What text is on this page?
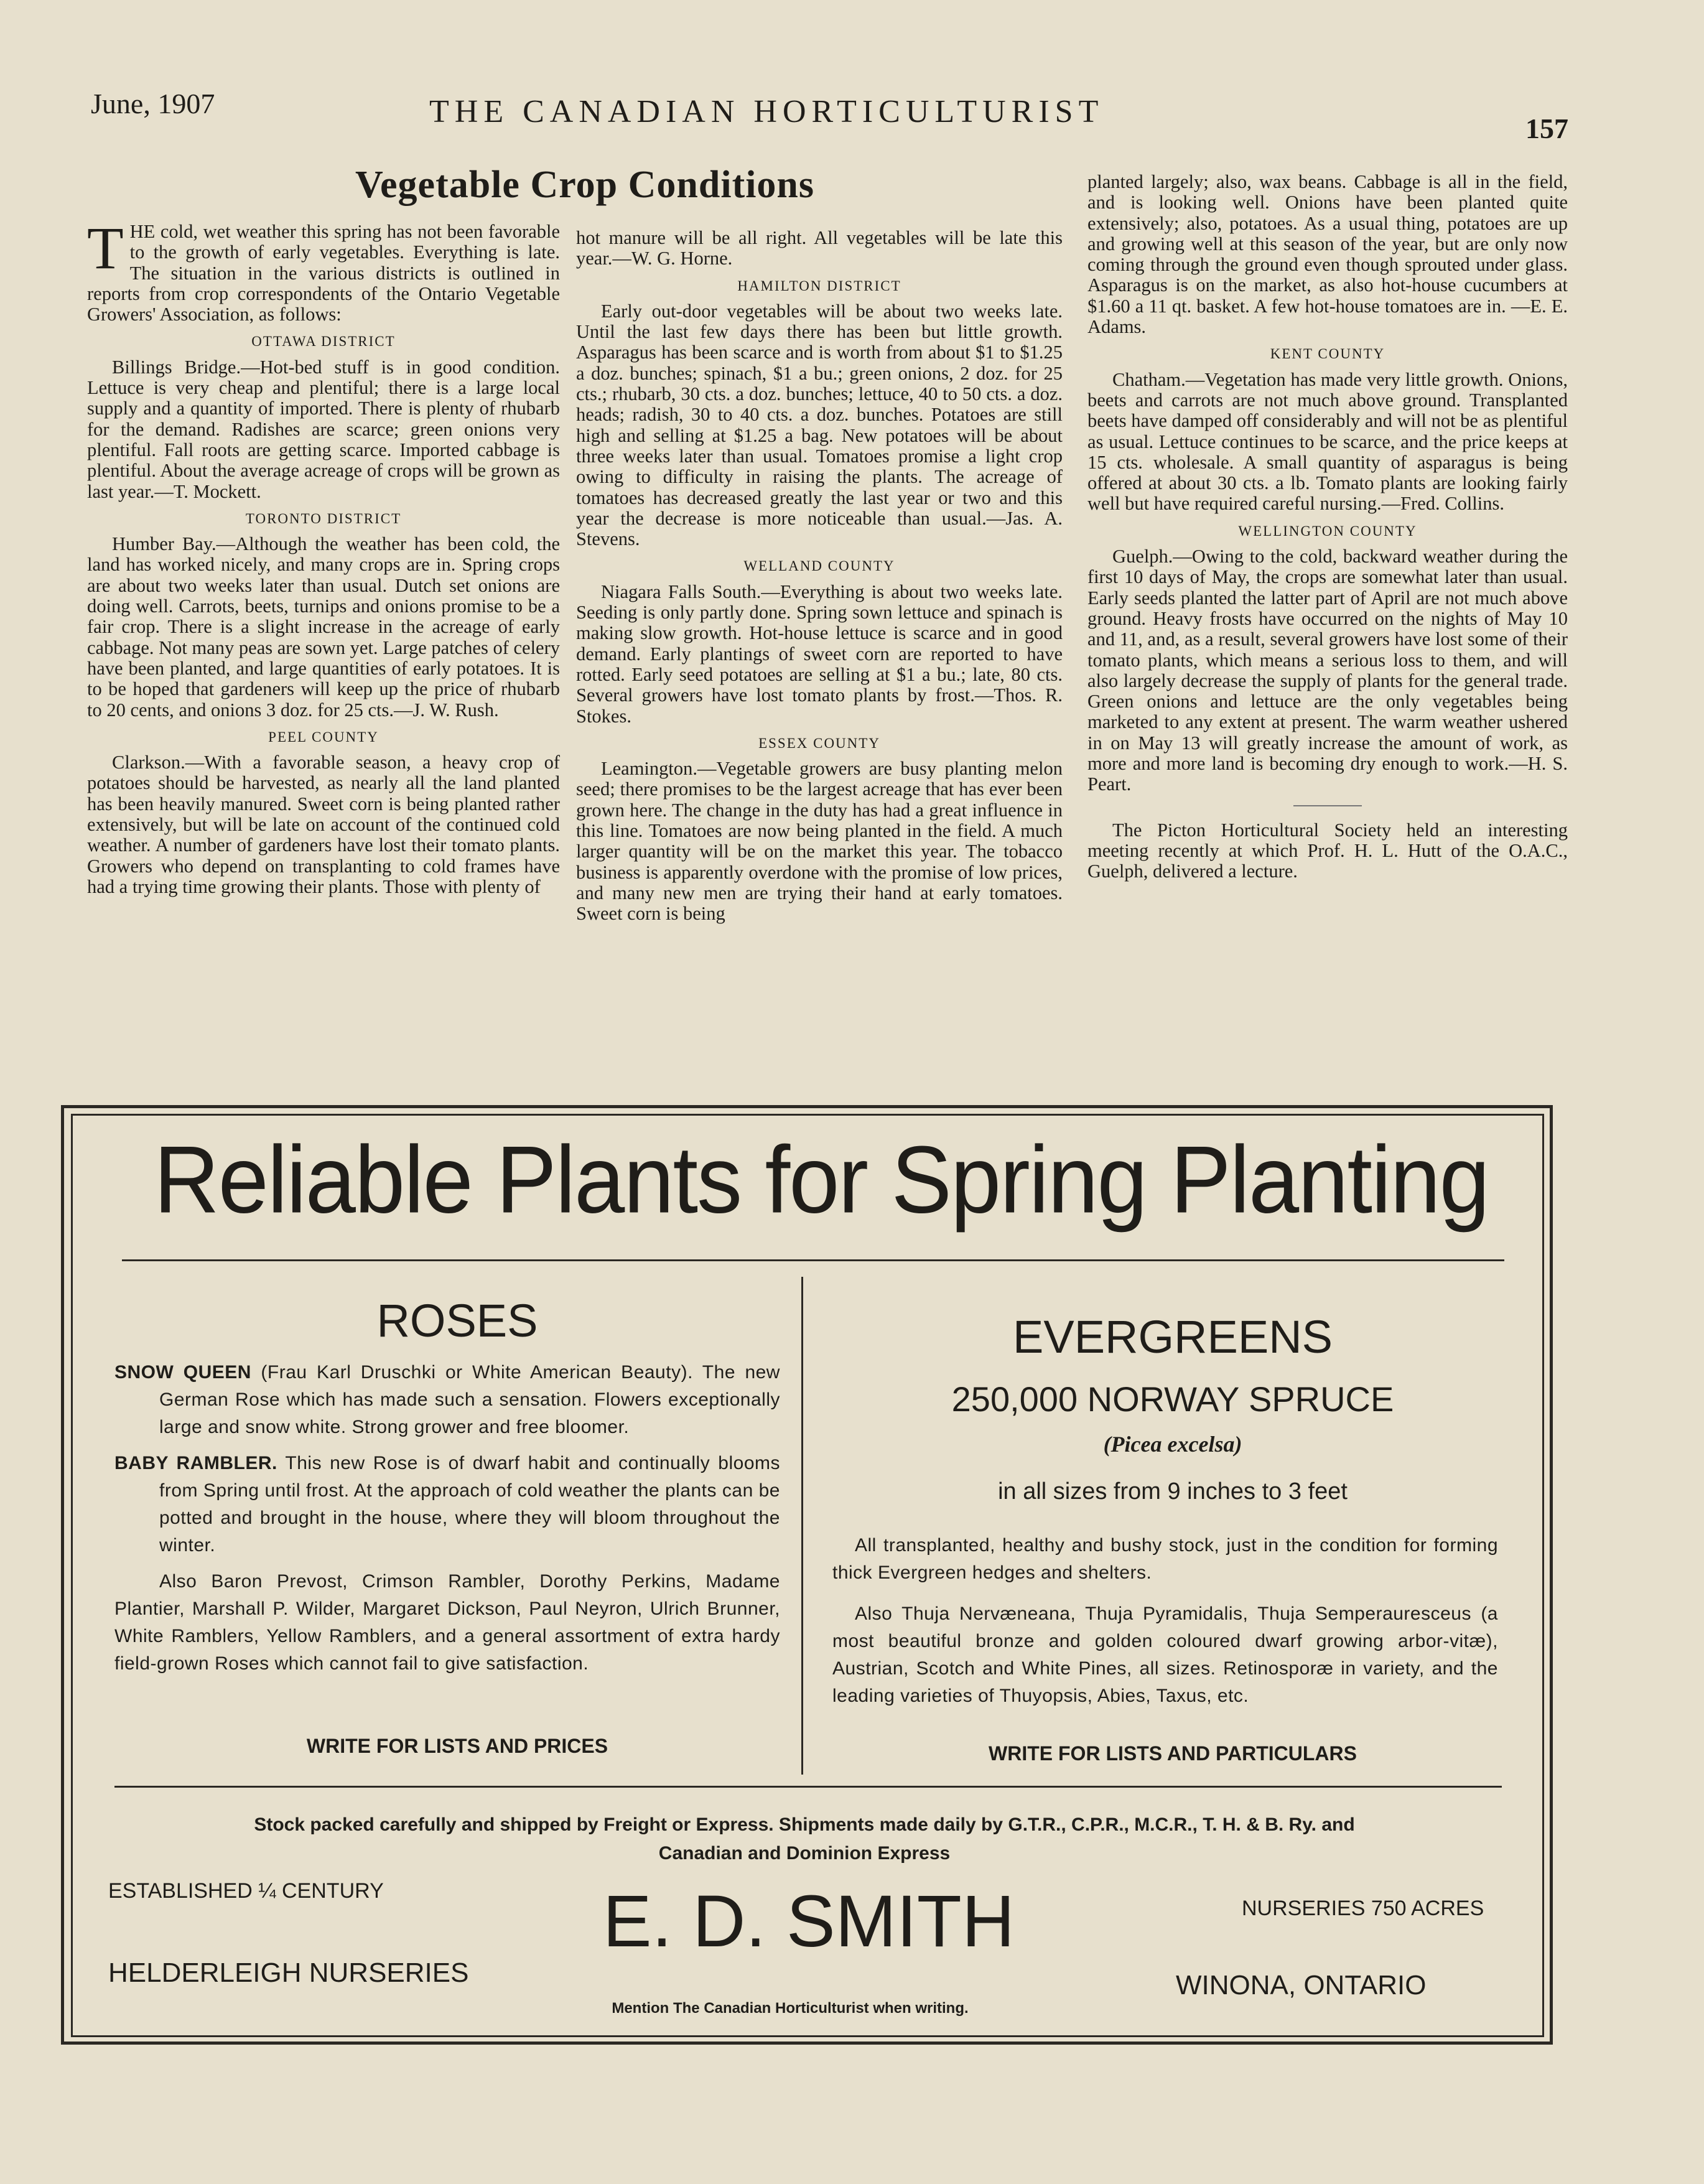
June, 1907	THE CANADIAN HORTICULTURIST	157
Vegetable Crop Conditions

THE cold, wet weather this spring has not been favorable to the growth of early vegetables. Everything is late. The situation in the various districts is outlined in reports from crop correspondents of the Ontario Vegetable Growers' Association, as follows:

OTTAWA DISTRICT

Billings Bridge.—Hot-bed stuff is in good condition. Lettuce is very cheap and plentiful; there is a large local supply and a quantity of imported. There is plenty of rhubarb for the demand. Radishes are scarce; green onions very plentiful. Fall roots are getting scarce. Imported cabbage is plentiful. About the average acreage of crops will be grown as last year.—T. Mockett.

TORONTO DISTRICT

Humber Bay.—Although the weather has been cold, the land has worked nicely, and many crops are in. Spring crops are about two weeks later than usual. Dutch set onions are doing well. Carrots, beets, turnips and onions promise to be a fair crop. There is a slight increase in the acreage of early cabbage. Not many peas are sown yet. Large patches of celery have been planted, and large quantities of early potatoes. It is to be hoped that gardeners will keep up the price of rhubarb to 20 cents, and onions 3 doz. for 25 cts.—J. W. Rush.

PEEL COUNTY

Clarkson.—With a favorable season, a heavy crop of potatoes should be harvested, as nearly all the land planted has been heavily manured. Sweet corn is being planted rather extensively, but will be late on account of the continued cold weather. A number of gardeners have lost their tomato plants. Growers who depend on transplanting to cold frames have had a trying time growing their plants. Those with plenty of

hot manure will be all right. All vegetables will be late this year.—W. G. Horne.

HAMILTON DISTRICT

Early out-door vegetables will be about two weeks late. Until the last few days there has been but little growth. Asparagus has been scarce and is worth from about $1 to $1.25 a doz. bunches; spinach, $1 a bu.; green onions, 2 doz. for 25 cts.; rhubarb, 30 cts. a doz. bunches; lettuce, 40 to 50 cts. a doz. heads; radish, 30 to 40 cts. a doz. bunches. Potatoes are still high and selling at $1.25 a bag. New potatoes will be about three weeks later than usual. Tomatoes promise a light crop owing to difficulty in raising the plants. The acreage of tomatoes has decreased greatly the last year or two and this year the decrease is more noticeable than usual.—Jas. A. Stevens.

WELLAND COUNTY

Niagara Falls South.—Everything is about two weeks late. Seeding is only partly done. Spring sown lettuce and spinach is making slow growth. Hot-house lettuce is scarce and in good demand. Early plantings of sweet corn are reported to have rotted. Early seed potatoes are selling at $1 a bu.; late, 80 cts. Several growers have lost tomato plants by frost.—Thos. R. Stokes.

ESSEX COUNTY

Leamington.—Vegetable growers are busy planting melon seed; there promises to be the largest acreage that has ever been grown here. The change in the duty has had a great influence in this line. Tomatoes are now being planted in the field. A much larger quantity will be on the market this year. The tobacco business is apparently overdone with the promise of low prices, and many new men are trying their hand at early tomatoes. Sweet corn is being

planted largely; also, wax beans. Cabbage is all in the field, and is looking well. Onions have been planted quite extensively; also, potatoes. As a usual thing, potatoes are up and growing well at this season of the year, but are only now coming through the ground even though sprouted under glass. Asparagus is on the market, as also hot-house cucumbers at $1.60 a 11 qt. basket. A few hot-house tomatoes are in. —E. E. Adams.

KENT COUNTY

Chatham.—Vegetation has made very little growth. Onions, beets and carrots are not much above ground. Transplanted beets have damped off considerably and will not be as plentiful as usual. Lettuce continues to be scarce, and the price keeps at 15 cts. wholesale. A small quantity of asparagus is being offered at about 30 cts. a lb. Tomato plants are looking fairly well but have required careful nursing.—Fred. Collins.

WELLINGTON COUNTY

Guelph.—Owing to the cold, backward weather during the first 10 days of May, the crops are somewhat later than usual. Early seeds planted the latter part of April are not much above ground. Heavy frosts have occurred on the nights of May 10 and 11, and, as a result, several growers have lost some of their tomato plants, which means a serious loss to them, and will also largely decrease the supply of plants for the general trade. Green onions and lettuce are the only vegetables being marketed to any extent at present. The warm weather ushered in on May 13 will greatly increase the amount of work, as more and more land is becoming dry enough to work.—H. S. Peart.

The Picton Horticultural Society held an interesting meeting recently at which Prof. H. L. Hutt of the O.A.C., Guelph, delivered a lecture.

Reliable Plants for Spring Planting
ROSES

SNOW QUEEN (Frau Karl Druschki or White American Beauty). The new German Rose which has made such a sensation. Flowers exceptionally large and snow white. Strong grower and free bloomer.

BABY RAMBLER. This new Rose is of dwarf habit and continually blooms from Spring until frost. At the approach of cold weather the plants can be potted and brought in the house, where they will bloom throughout the winter.

Also Baron Prevost, Crimson Rambler, Dorothy Perkins, Madame Plantier, Marshall P. Wilder, Margaret Dickson, Paul Neyron, Ulrich Brunner, White Ramblers, Yellow Ramblers, and a general assortment of extra hardy field-grown Roses which cannot fail to give satisfaction.

WRITE FOR LISTS AND PRICES
EVERGREENS
250,000 NORWAY SPRUCE
(Picea excelsa)
in all sizes from 9 inches to 3 feet

All transplanted, healthy and bushy stock, just in the condition for forming thick Evergreen hedges and shelters.

Also Thuja Nervæneana, Thuja Pyramidalis, Thuja Semperauresceus (a most beautiful bronze and golden coloured dwarf growing arbor-vitæ), Austrian, Scotch and White Pines, all sizes. Retinosporæ in variety, and the leading varieties of Thuyopsis, Abies, Taxus, etc.

WRITE FOR LISTS AND PARTICULARS
Stock packed carefully and shipped by Freight or Express. Shipments made daily by G.T.R., C.P.R., M.C.R., T. H. & B. Ry. and
Canadian and Dominion Express
ESTABLISHED ¼ CENTURY
NURSERIES 750 ACRES
E. D. SMITH
HELDERLEIGH NURSERIES	WINONA, ONTARIO
Mention The Canadian Horticulturist when writing.
